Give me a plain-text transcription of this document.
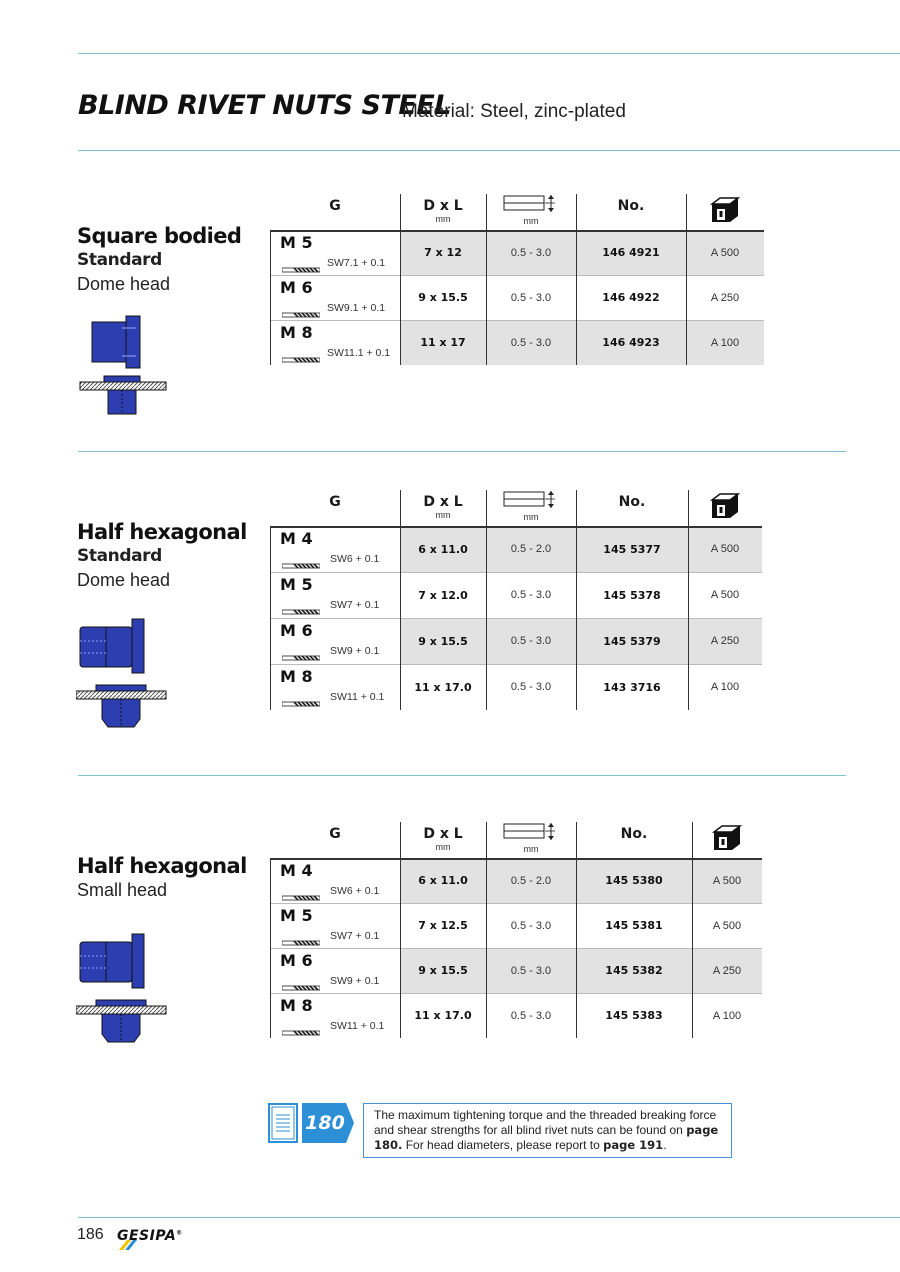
BLIND RIVET NUTS STEEL
Material: Steel, zinc-plated
Square bodied
Standard
Dome head
G	D x L
mm	mm
No.
M 5
SW7.1 + 0.1
7 x 12	0.5 - 3.0	146 4921	A 500
M 6
SW9.1 + 0.1
9 x 15.5	0.5 - 3.0	146 4922	A 250
M 8
SW11.1 + 0.1
11 x 17	0.5 - 3.0	146 4923	A 100
Half hexagonal
Standard
Dome head
G	D x L
mm	mm
No.
M 4
SW6 + 0.1
6 x 11.0	0.5 - 2.0	145 5377	A 500
M 5
SW7 + 0.1
7 x 12.0	0.5 - 3.0	145 5378	A 500
M 6
SW9 + 0.1
9 x 15.5	0.5 - 3.0	145 5379	A 250
M 8
SW11 + 0.1
11 x 17.0	0.5 - 3.0	143 3716	A 100
Half hexagonal
Small head
G	D x L
mm	mm
No.
M 4
SW6 + 0.1
6 x 11.0	0.5 - 2.0	145 5380	A 500
M 5
SW7 + 0.1
7 x 12.5	0.5 - 3.0	145 5381	A 500
M 6
SW9 + 0.1
9 x 15.5	0.5 - 3.0	145 5382	A 250
M 8
SW11 + 0.1
11 x 17.0	0.5 - 3.0	145 5383	A 100
180	The maximum tightening torque and the threaded breaking force and shear strengths for all blind rivet nuts can be found on page 180. For head diameters, please report to page 191.
186 GESIPA®
